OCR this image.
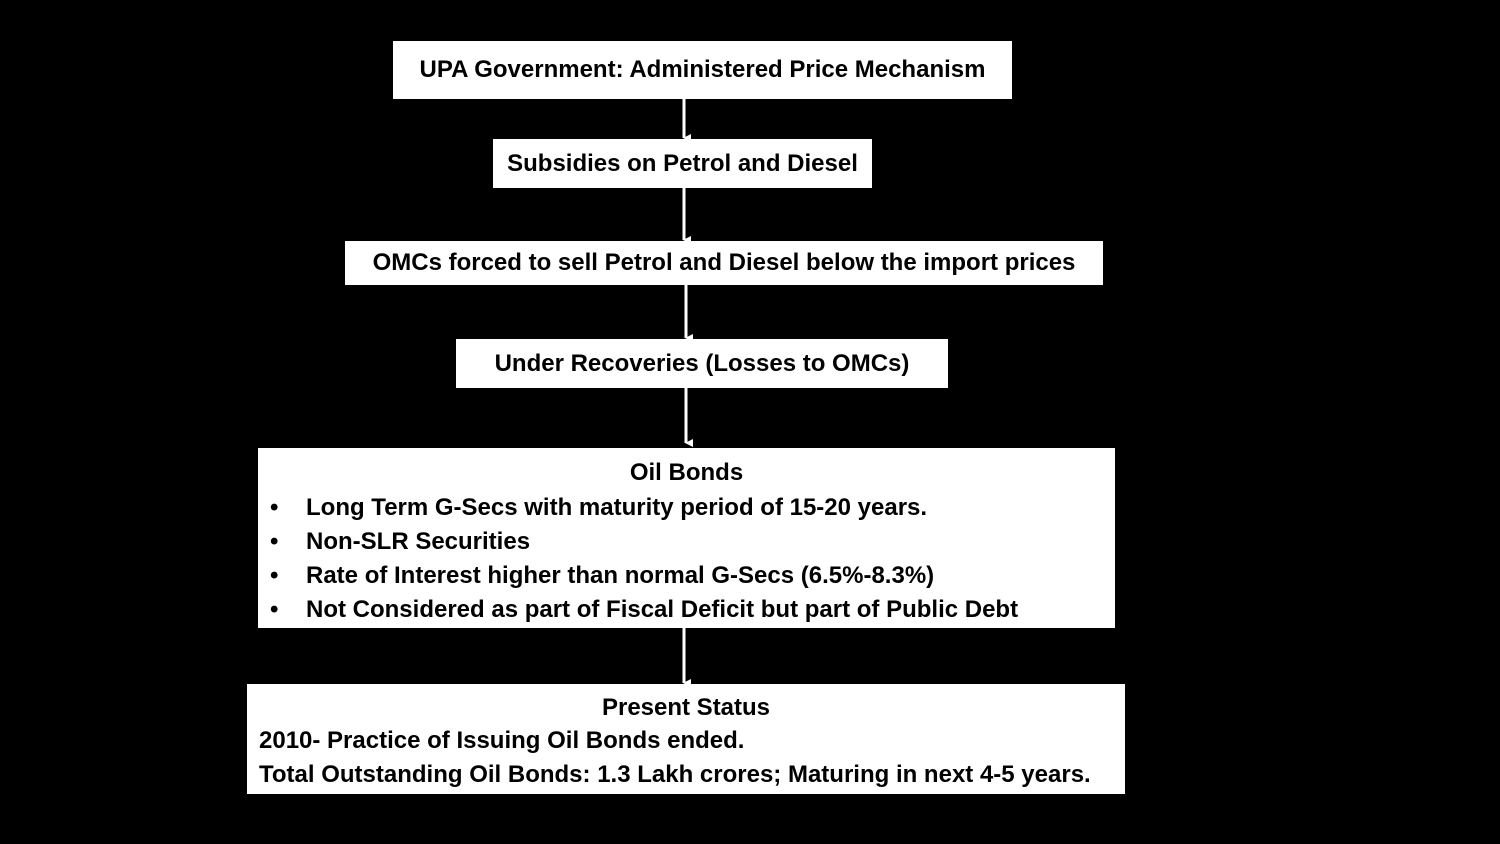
UPA Government: Administered Price Mechanism
Subsidies on Petrol and Diesel
OMCs forced to sell Petrol and Diesel below the import prices
Under Recoveries (Losses to OMCs)
Oil Bonds
• Long Term G-Secs with maturity period of 15-20 years.
• Non-SLR Securities
• Rate of Interest higher than normal G-Secs (6.5%-8.3%)
• Not Considered as part of Fiscal Deficit but part of Public Debt
Present Status
2010- Practice of Issuing Oil Bonds ended.
Total Outstanding Oil Bonds: 1.3 Lakh crores; Maturing in next 4-5 years.
